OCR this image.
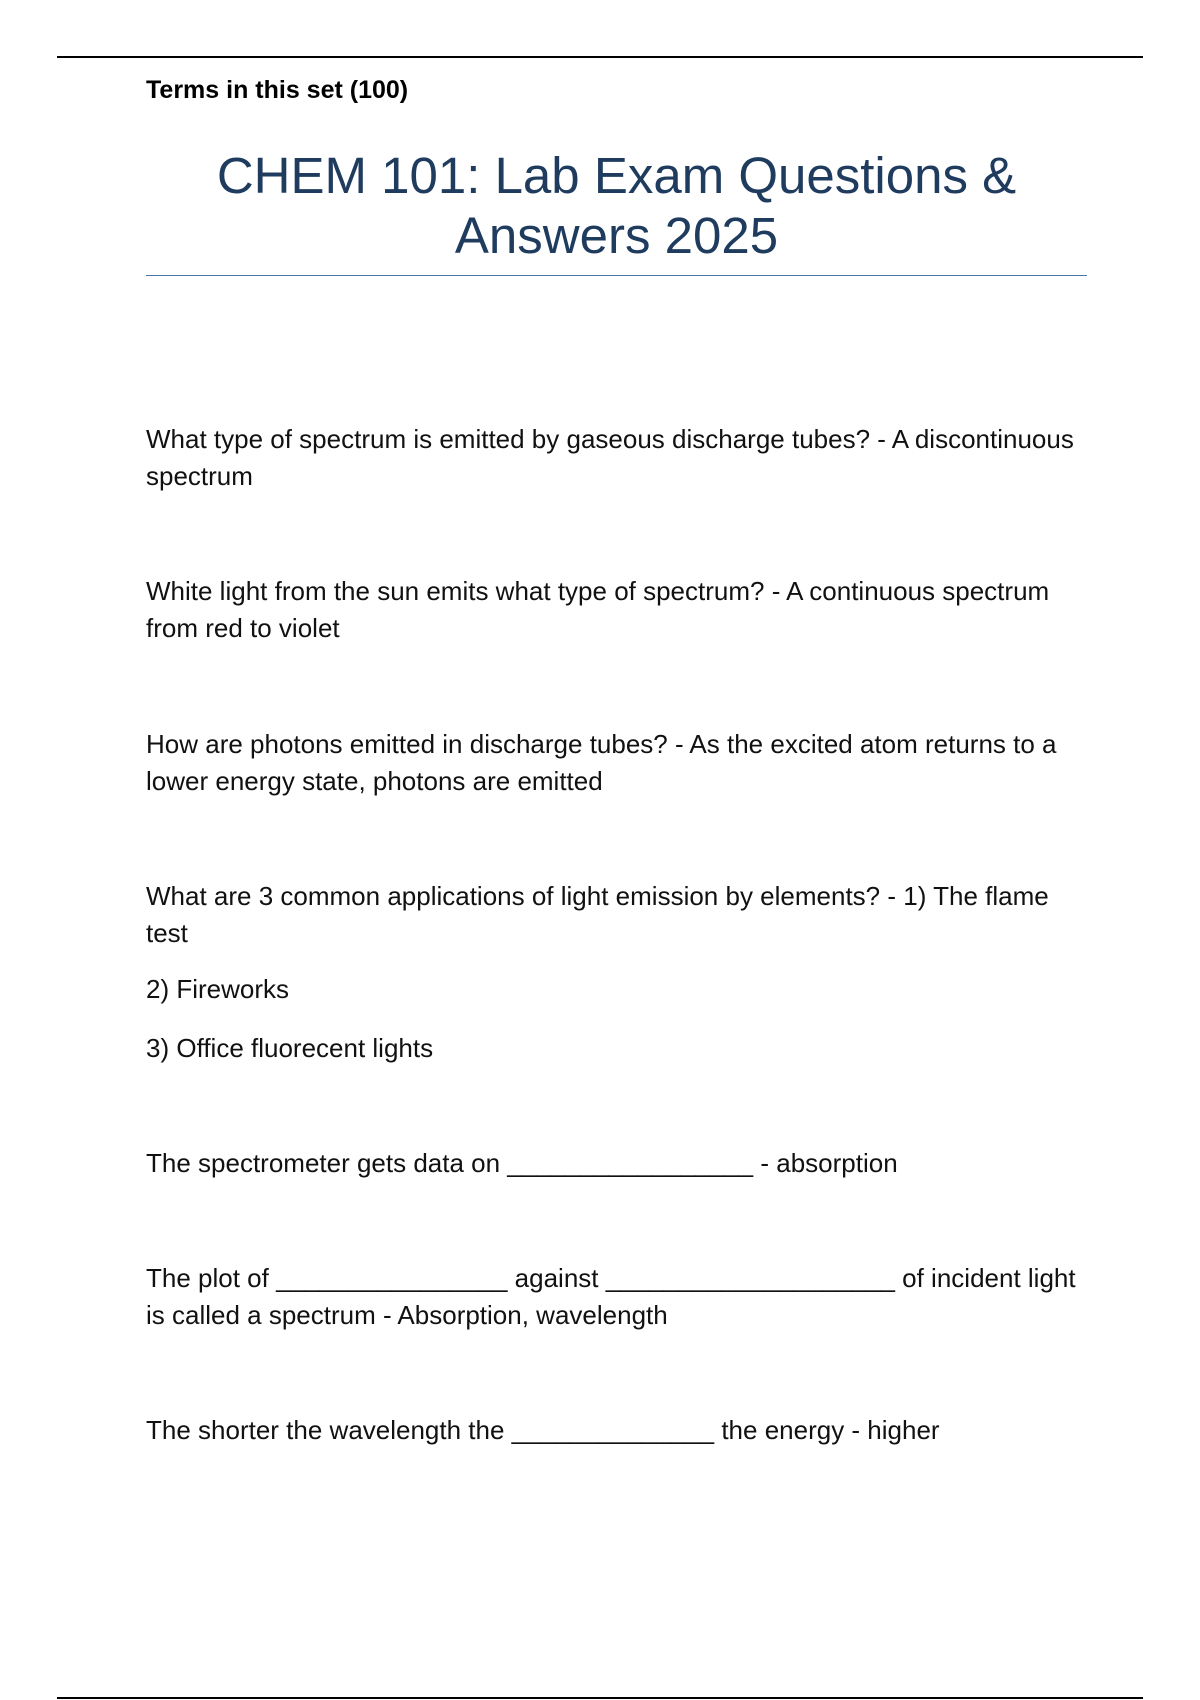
Terms in this set (100)
CHEM 101: Lab Exam Questions & Answers 2025

What type of spectrum is emitted by gaseous discharge tubes? - A discontinuous spectrum

White light from the sun emits what type of spectrum? - A continuous spectrum from red to violet

How are photons emitted in discharge tubes? - As the excited atom returns to a lower energy state, photons are emitted

What are 3 common applications of light emission by elements? - 1) The flame test

2) Fireworks

3) Office fluorecent lights

The spectrometer gets data on _________________ - absorption

The plot of ________________ against ____________________ of incident light is called a spectrum - Absorption, wavelength

The shorter the wavelength the ______________ the energy - higher
